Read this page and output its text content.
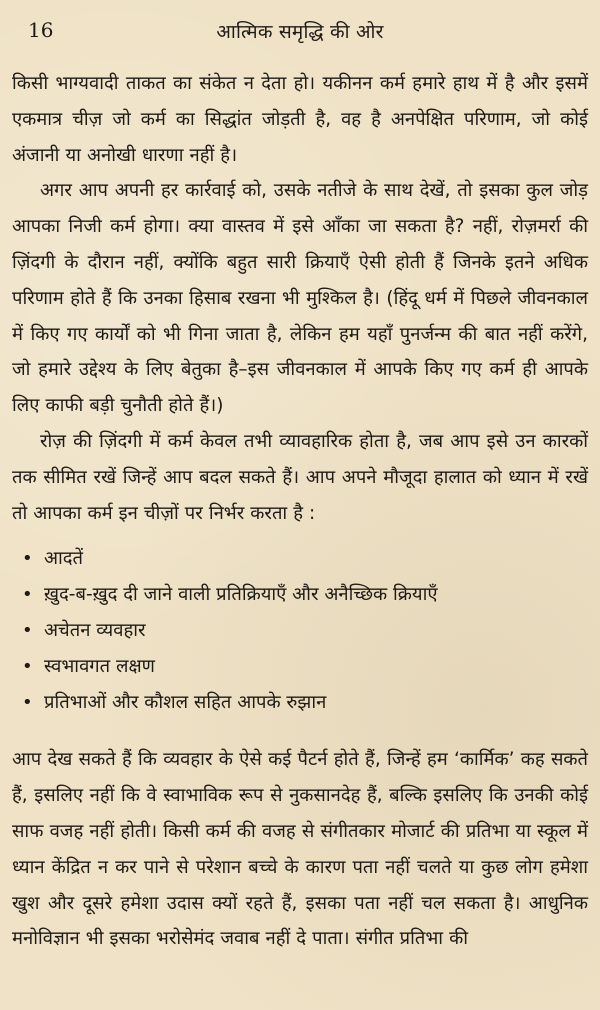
16	आत्मिक समृद्धि की ओर

किसी भाग्यवादी ताकत का संकेत न देता हो। यकीनन कर्म हमारे हाथ में है और इसमें एकमात्र चीज़ जो कर्म का सिद्धांत जोड़ती है, वह है अनपेक्षित परिणाम, जो कोई अंजानी या अनोखी धारणा नहीं है।

अगर आप अपनी हर कार्रवाई को, उसके नतीजे के साथ देखें, तो इसका कुल जोड़ आपका निजी कर्म होगा। क्या वास्तव में इसे आँका जा सकता है? नहीं, रोज़मर्रा की ज़िंदगी के दौरान नहीं, क्योंकि बहुत सारी क्रियाएँ ऐसी होती हैं जिनके इतने अधिक परिणाम होते हैं कि उनका हिसाब रखना भी मुश्किल है। (हिंदू धर्म में पिछले जीवनकाल में किए गए कार्यों को भी गिना जाता है, लेकिन हम यहाँ पुनर्जन्म की बात नहीं करेंगे, जो हमारे उद्देश्य के लिए बेतुका है–इस जीवनकाल में आपके किए गए कर्म ही आपके लिए काफी बड़ी चुनौती होते हैं।)

रोज़ की ज़िंदगी में कर्म केवल तभी व्यावहारिक होता है, जब आप इसे उन कारकों तक सीमित रखें जिन्हें आप बदल सकते हैं। आप अपने मौजूदा हालात को ध्यान में रखें तो आपका कर्म इन चीज़ों पर निर्भर करता है :

• आदतें
• ख़ुद-ब-ख़ुद दी जाने वाली प्रतिक्रियाएँ और अनैच्छिक क्रियाएँ
• अचेतन व्यवहार
• स्वभावगत लक्षण
• प्रतिभाओं और कौशल सहित आपके रुझान

आप देख सकते हैं कि व्यवहार के ऐसे कई पैटर्न होते हैं, जिन्हें हम ‘कार्मिक’ कह सकते हैं, इसलिए नहीं कि वे स्वाभाविक रूप से नुकसानदेह हैं, बल्कि इसलिए कि उनकी कोई साफ वजह नहीं होती। किसी कर्म की वजह से संगीतकार मोजार्ट की प्रतिभा या स्कूल में ध्यान केंद्रित न कर पाने से परेशान बच्चे के कारण पता नहीं चलते या कुछ लोग हमेशा खुश और दूसरे हमेशा उदास क्यों रहते हैं, इसका पता नहीं चल सकता है। आधुनिक मनोविज्ञान भी इसका भरोसेमंद जवाब नहीं दे पाता। संगीत प्रतिभा की
